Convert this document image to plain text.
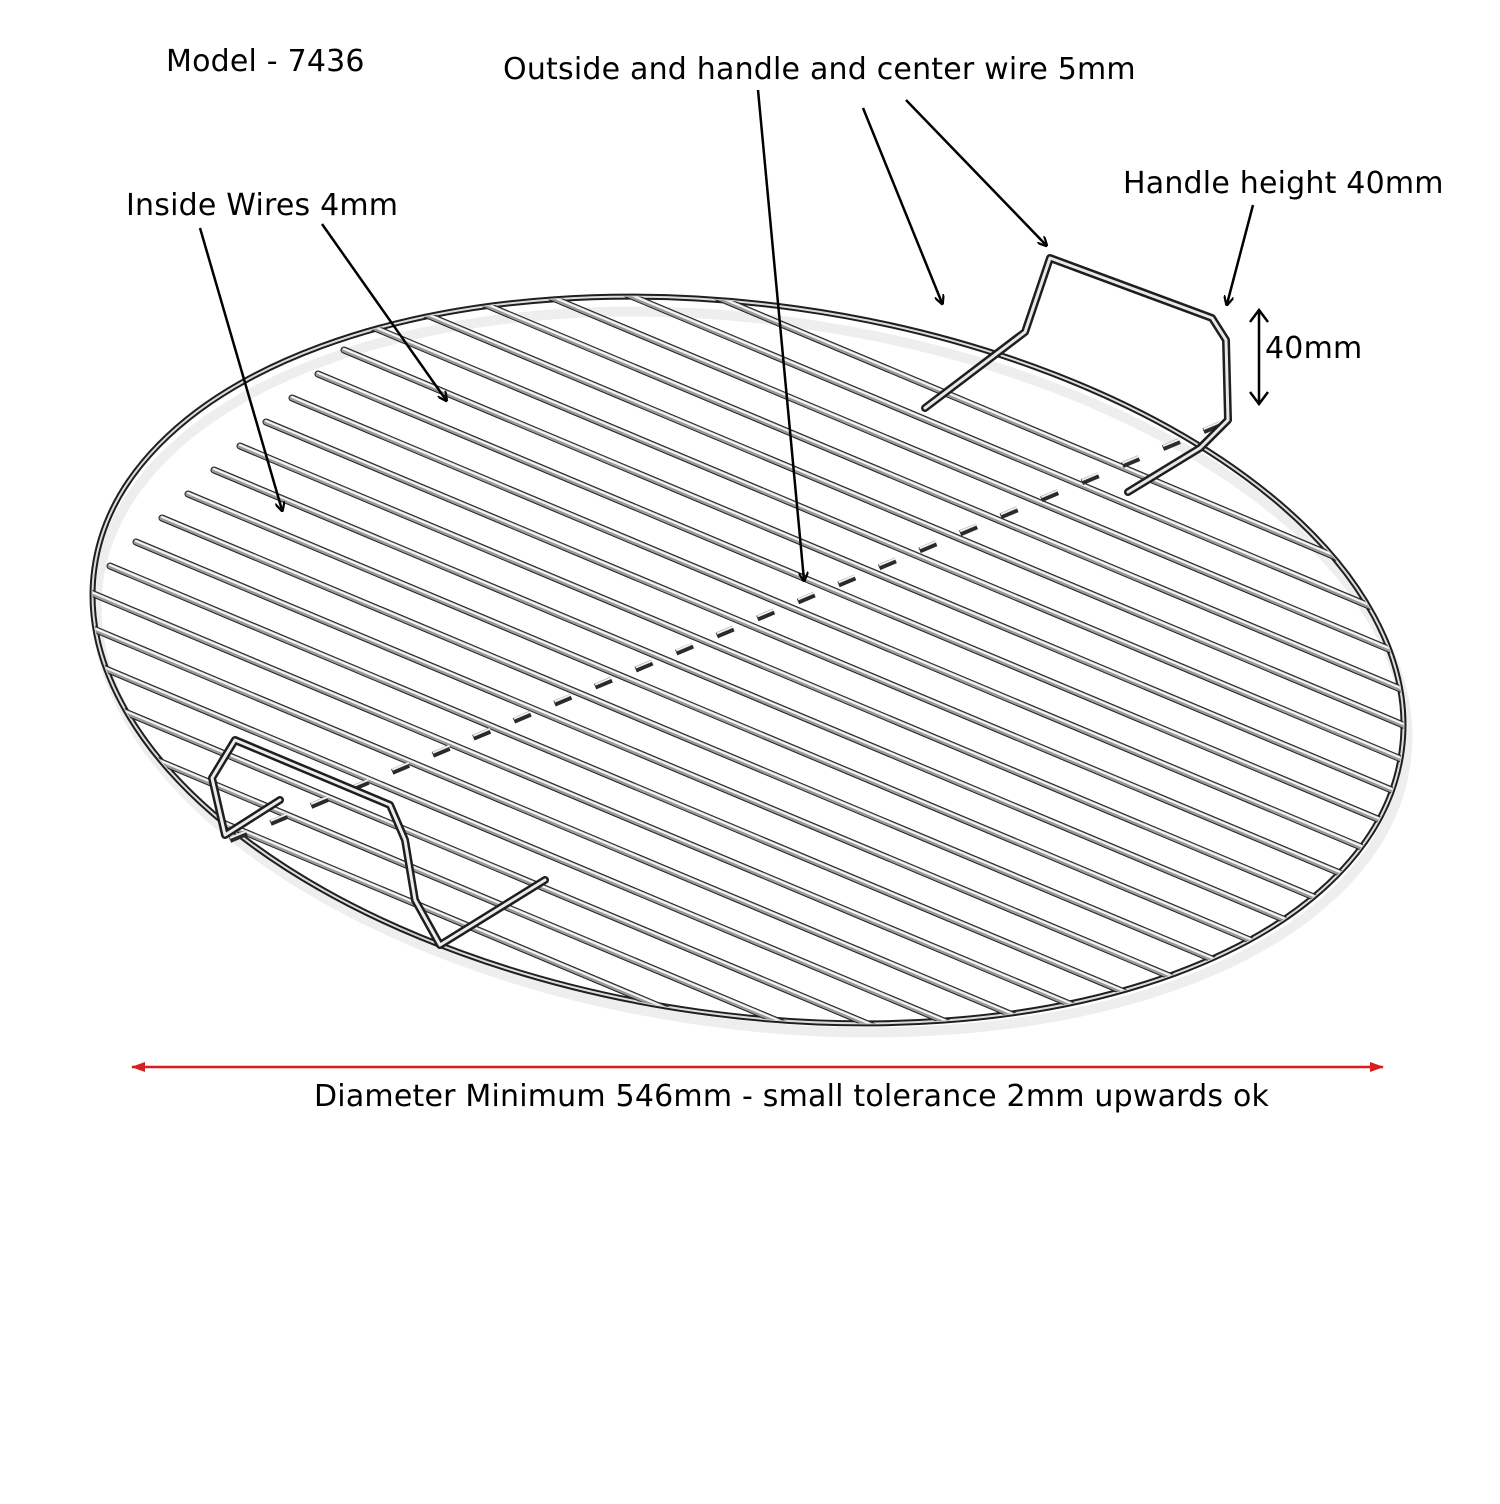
Model - 7436	Outside and handle and center wire 5mm
Inside Wires 4mm
Handle height 40mm
40mm
Diameter Minimum 546mm - small tolerance 2mm upwards ok
